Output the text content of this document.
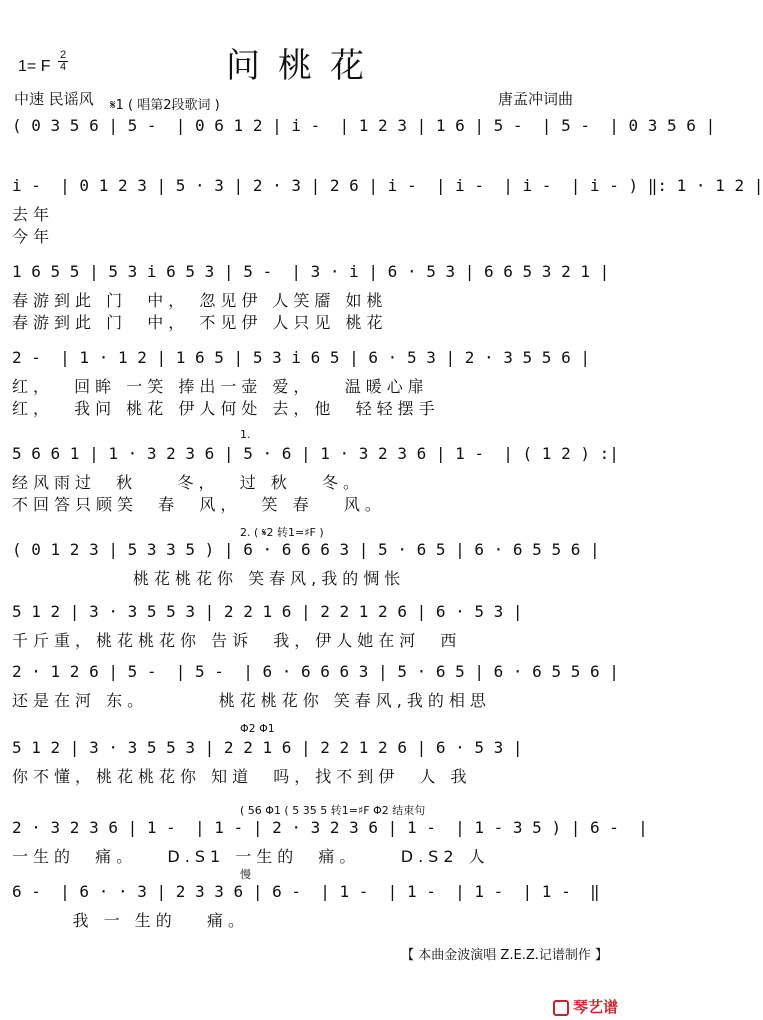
1= F
2
4	问桃花
中速 民谣风 𝄋1 ( 唱第2段歌词 )	唐孟冲词曲
( 0 3 5 6 | 5 -  | 0 6 1 2 | i -  | 1 2 3 | 1 6 | 5 -  | 5 -  | 0 3 5 6 |
i -  | 0 1 2 3 | 5 · 3 | 2 · 3 | 2 6 | i -  | i -  | i -  | i - ) ‖: 1 · 1 2 |
去年
今年
1 6 5 5 | 5 3 i 6 5 3 | 5 -  | 3 · i | 6 · 5 3 | 6 6 5 3 2 1 |
春游到此 门  中， 忽见伊 人笑靥 如桃
春游到此 门  中， 不见伊 人只见 桃花
2 -  | 1 · 1 2 | 1 6 5 | 5 3 i 6 5 | 6 · 5 3 | 2 · 3 5 5 6 |
红，  回眸 一笑 捧出一壶 爱，   温暖心扉
红，  我问 桃花 伊人何处 去，他  轻轻摆手
1.
5 6 6 1 | 1 · 3 2 3 6 | 5 · 6 | 1 · 3 2 3 6 | 1 -  | ( 1 2 ) :|
经风雨过  秋    冬，  过 秋   冬。
不回答只顾笑  春  风，  笑 春   风。
2. ( 𝄋2 转1=♯F )
( 0 1 2 3 | 5 3 3 5 ) | 6 · 6 6 6 3 | 5 · 6 5 | 6 · 6 5 5 6 |
桃花桃花你 笑春风,我的惆怅
5 1 2 | 3 · 3 5 5 3 | 2 2 1 6 | 2 2 1 2 6 | 6 · 5 3 |
千斤重，桃花桃花你 告诉  我，伊人她在河  西
2 · 1 2 6 | 5 -  | 5 -  | 6 · 6 6 6 3 | 5 · 6 5 | 6 · 6 5 5 6 |
还是在河 东。       桃花桃花你 笑春风,我的相思
Φ2 Φ1
5 1 2 | 3 · 3 5 5 3 | 2 2 1 6 | 2 2 1 2 6 | 6 · 5 3 |
你不懂，桃花桃花你 知道  吗，找不到伊  人 我
( 56 Φ1 ( 5 35 5 转1=♯F Φ2 结束句
2 · 3 2 3 6 | 1 -  | 1 - | 2 · 3 2 3 6 | 1 -  | 1 - 3 5 ) | 6 -  |
一生的  痛。   D.S1 一生的  痛。    D.S2 人
慢
6 -  | 6 · · 3 | 2 3 3 6 | 6 -  | 1 -  | 1 -  | 1 -  | 1 -  ‖
我 一 生的   痛。
【 本曲金波演唱 Z.E.Z.记谱制作 】
琴艺谱
